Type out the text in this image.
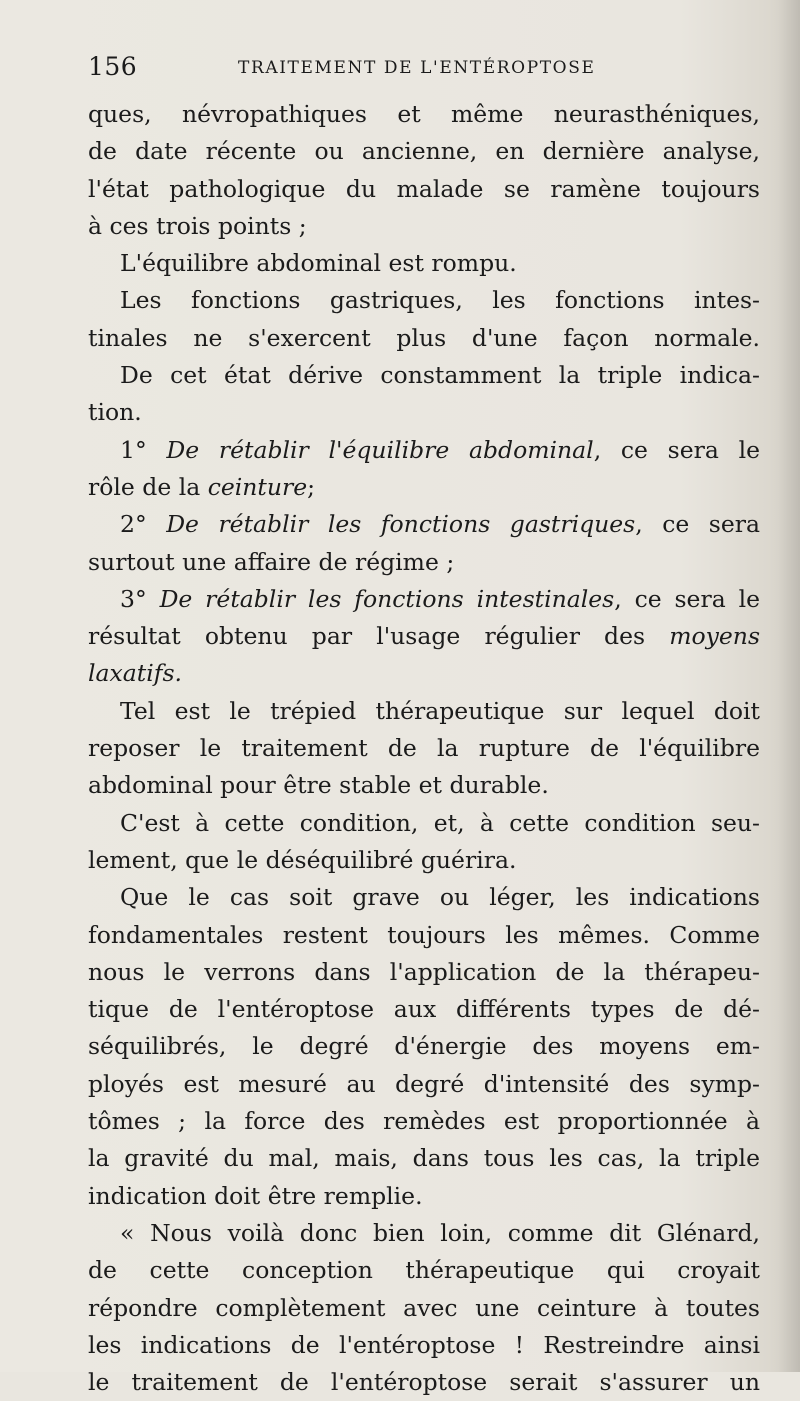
156	TRAITEMENT DE L'ENTÉROPTOSE
ques, névropathiques et même neurasthéniques,
de date récente ou ancienne, en dernière analyse,
l'état pathologique du malade se ramène toujours
à ces trois points ;
L'équilibre abdominal est rompu.
Les fonctions gastriques, les fonctions intes-
tinales ne s'exercent plus d'une façon normale.
De cet état dérive constamment la triple indica-
tion.
1° De rétablir l'équilibre abdominal, ce sera le
rôle de la ceinture;
2° De rétablir les fonctions gastriques, ce sera
surtout une affaire de régime ;
3° De rétablir les fonctions intestinales, ce sera le
résultat obtenu par l'usage régulier des moyens
laxatifs.
Tel est le trépied thérapeutique sur lequel doit
reposer le traitement de la rupture de l'équilibre
abdominal pour être stable et durable.
C'est à cette condition, et, à cette condition seu-
lement, que le déséquilibré guérira.
Que le cas soit grave ou léger, les indications
fondamentales restent toujours les mêmes. Comme
nous le verrons dans l'application de la thérapeu-
tique de l'entéroptose aux différents types de dé-
séquilibrés, le degré d'énergie des moyens em-
ployés est mesuré au degré d'intensité des symp-
tômes ; la force des remèdes est proportionnée à
la gravité du mal, mais, dans tous les cas, la triple
indication doit être remplie.
« Nous voilà donc bien loin, comme dit Glénard,
de cette conception thérapeutique qui croyait
répondre complètement avec une ceinture à toutes
les indications de l'entéroptose ! Restreindre ainsi
le traitement de l'entéroptose serait s'assurer un
